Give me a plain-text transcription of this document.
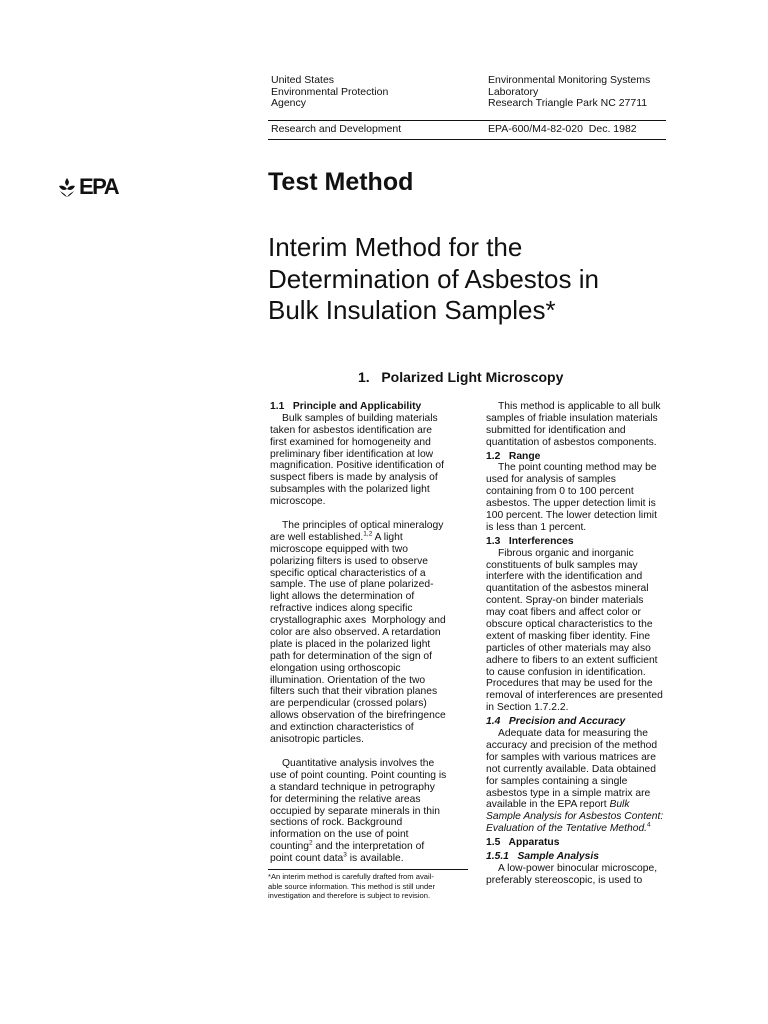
United States
Environmental Protection
Agency
Environmental Monitoring Systems
Laboratory
Research Triangle Park NC 27711
Research and Development	EPA-600/M4-82-020  Dec. 1982
EPA	Test Method
Interim Method for the
Determination of Asbestos in
Bulk Insulation Samples*
1.   Polarized Light Microscopy
1.1   Principle and Applicability
Bulk samples of building materials
taken for asbestos identification are
first examined for homogeneity and
preliminary fiber identification at low
magnification. Positive identification of
suspect fibers is made by analysis of
subsamples with the polarized light
microscope.
The principles of optical mineralogy
are well established.$^{1,2}$ A light
microscope equipped with two
polarizing filters is used to observe
specific optical characteristics of a
sample. The use of plane polarized-
light allows the determination of
refractive indices along specific
crystallographic axes  Morphology and
color are also observed. A retardation
plate is placed in the polarized light
path for determination of the sign of
elongation using orthoscopic
illumination. Orientation of the two
filters such that their vibration planes
are perpendicular (crossed polars)
allows observation of the birefringence
and extinction characteristics of
anisotropic particles.
Quantitative analysis involves the
use of point counting. Point counting is
a standard technique in petrography
for determining the relative areas
occupied by separate minerals in thin
sections of rock. Background
information on the use of point
counting$^2$ and the interpretation of
point count data$^3$ is available.
*An interim method is carefully drafted from avail-
able source information. This method is still under
investigation and therefore is subject to revision.
This method is applicable to all bulk
samples of friable insulation materials
submitted for identification and
quantitation of asbestos components.
1.2   Range
The point counting method may be
used for analysis of samples
containing from 0 to 100 percent
asbestos. The upper detection limit is
100 percent. The lower detection limit
is less than 1 percent.
1.3   Interferences
Fibrous organic and inorganic
constituents of bulk samples may
interfere with the identification and
quantitation of the asbestos mineral
content. Spray-on binder materials
may coat fibers and affect color or
obscure optical characteristics to the
extent of masking fiber identity. Fine
particles of other materials may also
adhere to fibers to an extent sufficient
to cause confusion in identification.
Procedures that may be used for the
removal of interferences are presented
in Section 1.7.2.2.
1.4   Precision and Accuracy
Adequate data for measuring the
accuracy and precision of the method
for samples with various matrices are
not currently available. Data obtained
for samples containing a single
asbestos type in a simple matrix are
available in the EPA report Bulk
Sample Analysis for Asbestos Content:
Evaluation of the Tentative Method.$^4$
1.5   Apparatus
1.5.1   Sample Analysis
A low-power binocular microscope,
preferably stereoscopic, is used to
